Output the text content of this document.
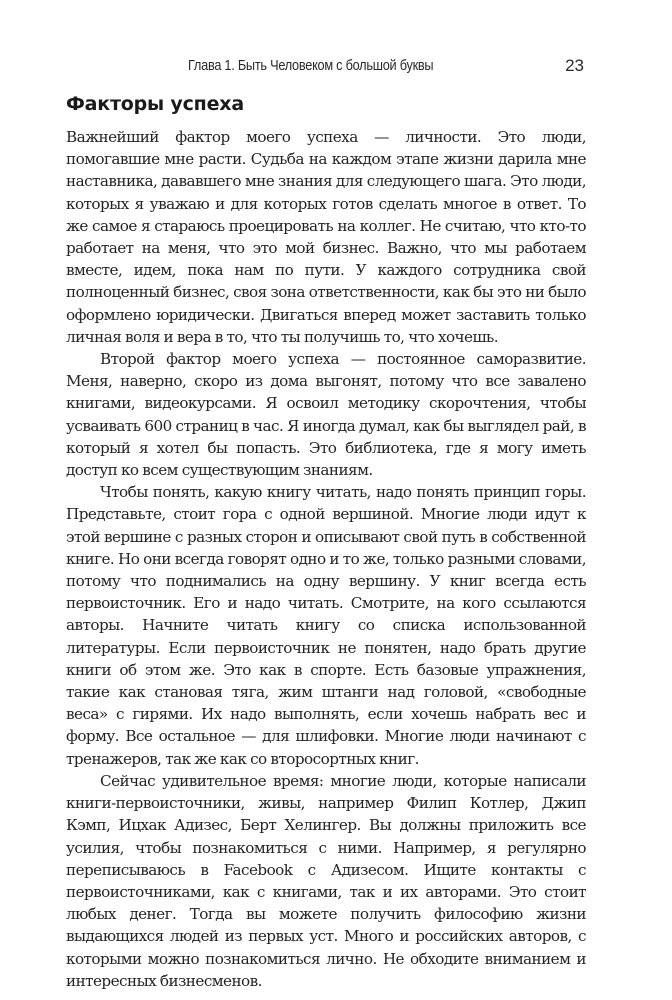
Глава 1. Быть Человеком с большой буквы	23
Факторы успеха

Важнейший фактор моего успеха — личности. Это люди, помогавшие мне расти. Судьба на каждом этапе жизни дарила мне наставника, дававшего мне знания для следующего шага. Это люди, которых я уважаю и для которых готов сделать многое в ответ. То же самое я стараюсь проецировать на коллег. Не считаю, что кто-то работает на меня, что это мой бизнес. Важно, что мы работаем вместе, идем, пока нам по пути. У каждого сотрудника свой полноценный бизнес, своя зона ответственности, как бы это ни было оформлено юридически. Двигаться вперед может заставить только личная воля и вера в то, что ты получишь то, что хочешь.

Второй фактор моего успеха — постоянное саморазвитие. Меня, наверно, скоро из дома выгонят, потому что все завалено книгами, видеокурсами. Я освоил методику скорочтения, чтобы усваивать 600 страниц в час. Я иногда думал, как бы выглядел рай, в который я хотел бы попасть. Это библиотека, где я могу иметь доступ ко всем существующим знаниям.

Чтобы понять, какую книгу читать, надо понять принцип горы. Представьте, стоит гора с одной вершиной. Многие люди идут к этой вершине с разных сторон и описывают свой путь в собственной книге. Но они всегда говорят одно и то же, только разными словами, потому что поднимались на одну вершину. У книг всегда есть первоисточник. Его и надо читать. Смотрите, на кого ссылаются авторы. Начните читать книгу со списка использованной литературы. Если первоисточник не понятен, надо брать другие книги об этом же. Это как в спорте. Есть базовые упражнения, такие как становая тяга, жим штанги над головой, «свободные веса» с гирями. Их надо выполнять, если хочешь набрать вес и форму. Все остальное — для шлифовки. Многие люди начинают с тренажеров, так же как со второсортных книг.

Сейчас удивительное время: многие люди, которые написали книги-первоисточники, живы, например Филип Котлер, Джип Кэмп, Ицхак Адизес, Берт Хелингер. Вы должны приложить все усилия, чтобы познакомиться с ними. Например, я регулярно переписываюсь в Facebook с Адизесом. Ищите контакты с первоисточниками, как с книгами, так и их авторами. Это стоит любых денег. Тогда вы можете получить философию жизни выдающихся людей из первых уст. Много и российских авторов, с которыми можно познакомиться лично. Не обходите вниманием и интересных бизнесменов.
